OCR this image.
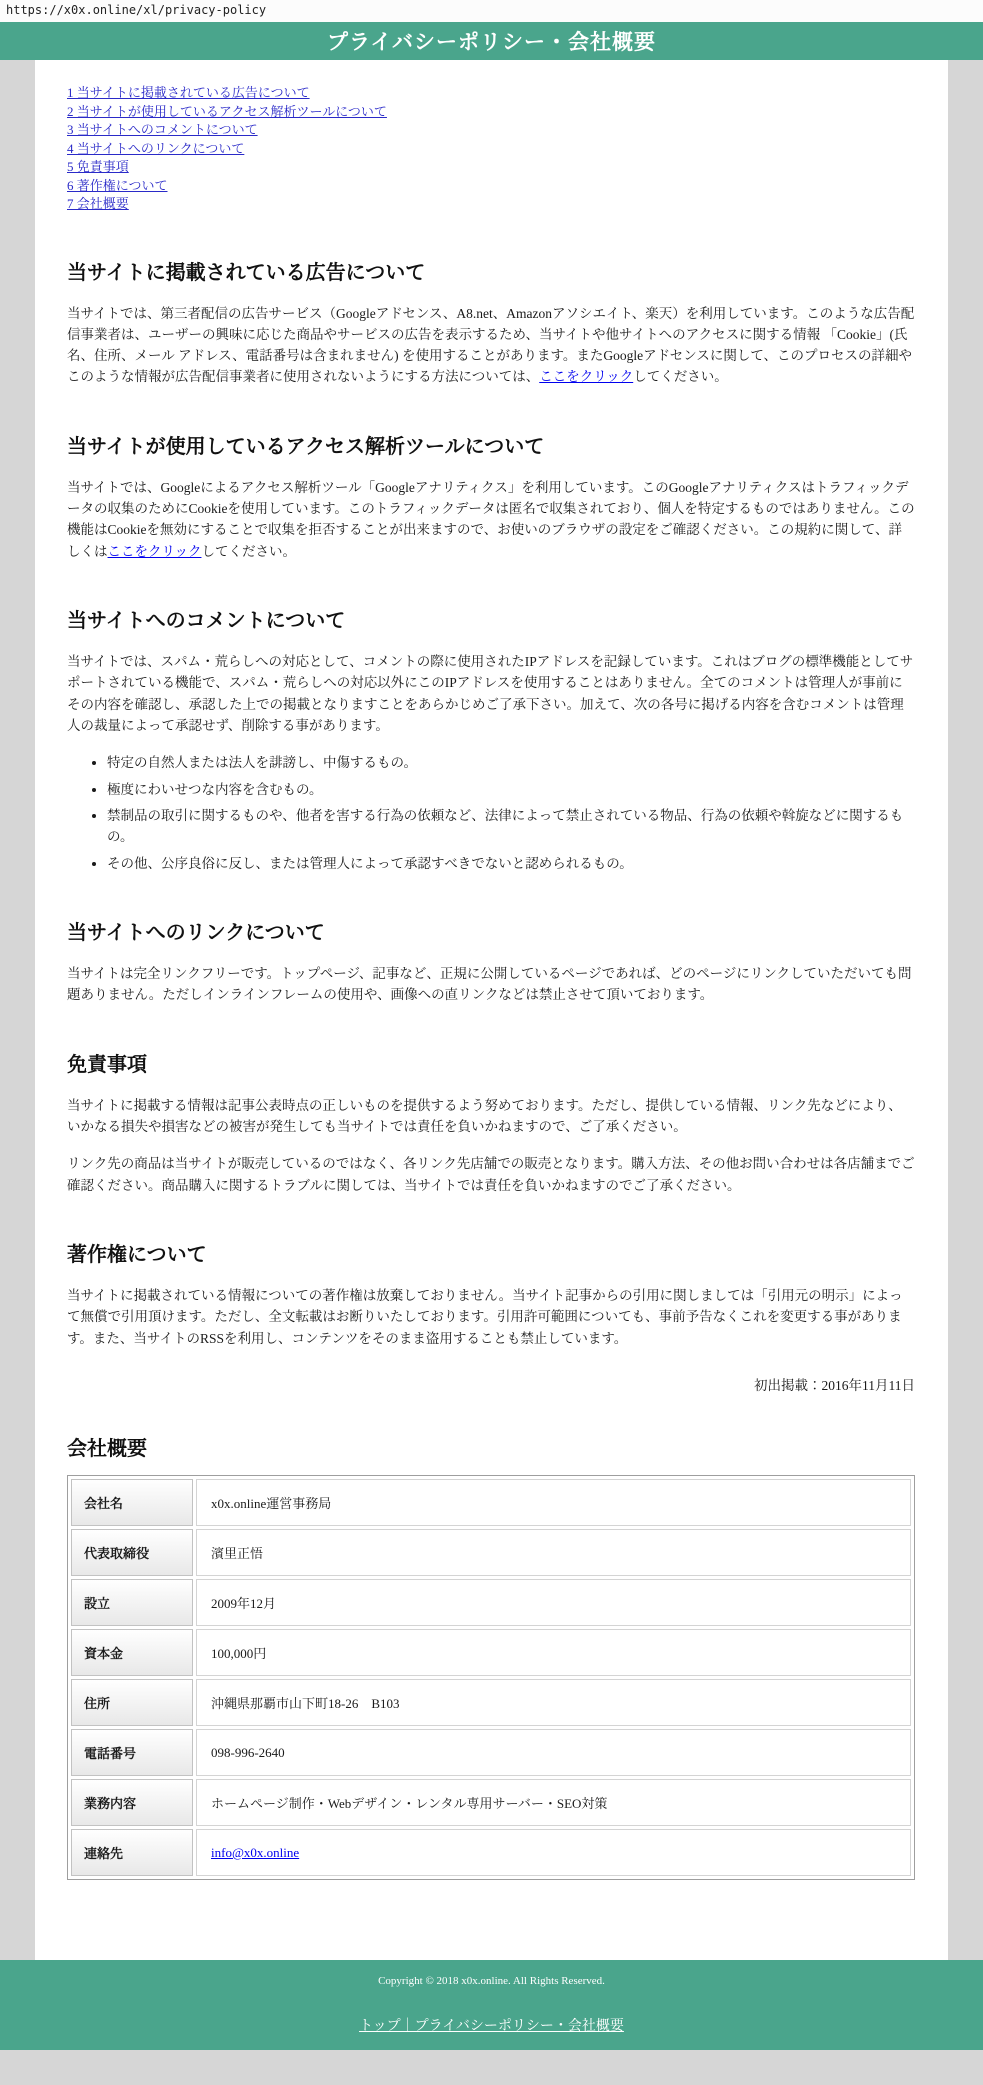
https://x0x.online/xl/privacy-policy
プライバシーポリシー・会社概要
1 当サイトに掲載されている広告について
2 当サイトが使用しているアクセス解析ツールについて
3 当サイトへのコメントについて
4 当サイトへのリンクについて
5 免責事項
6 著作権について
7 会社概要
当サイトに掲載されている広告について

当サイトでは、第三者配信の広告サービス（Googleアドセンス、A8.net、Amazonアソシエイト、楽天）を利用しています。このような広告配信事業者は、ユーザーの興味に応じた商品やサービスの広告を表示するため、当サイトや他サイトへのアクセスに関する情報 「Cookie」(氏名、住所、メール アドレス、電話番号は含まれません) を使用することがあります。またGoogleアドセンスに関して、このプロセスの詳細やこのような情報が広告配信事業者に使用されないようにする方法については、ここをクリックしてください。

当サイトが使用しているアクセス解析ツールについて

当サイトでは、Googleによるアクセス解析ツール「Googleアナリティクス」を利用しています。このGoogleアナリティクスはトラフィックデータの収集のためにCookieを使用しています。このトラフィックデータは匿名で収集されており、個人を特定するものではありません。この機能はCookieを無効にすることで収集を拒否することが出来ますので、お使いのブラウザの設定をご確認ください。この規約に関して、詳しくはここをクリックしてください。

当サイトへのコメントについて

当サイトでは、スパム・荒らしへの対応として、コメントの際に使用されたIPアドレスを記録しています。これはブログの標準機能としてサポートされている機能で、スパム・荒らしへの対応以外にこのIPアドレスを使用することはありません。全てのコメントは管理人が事前にその内容を確認し、承認した上での掲載となりますことをあらかじめご了承下さい。加えて、次の各号に掲げる内容を含むコメントは管理人の裁量によって承認せず、削除する事があります。

• 特定の自然人または法人を誹謗し、中傷するもの。
• 極度にわいせつな内容を含むもの。
• 禁制品の取引に関するものや、他者を害する行為の依頼など、法律によって禁止されている物品、行為の依頼や斡旋などに関するもの。
• その他、公序良俗に反し、または管理人によって承認すべきでないと認められるもの。
当サイトへのリンクについて

当サイトは完全リンクフリーです。トップページ、記事など、正規に公開しているページであれば、どのページにリンクしていただいても問題ありません。ただしインラインフレームの使用や、画像への直リンクなどは禁止させて頂いております。

免責事項

当サイトに掲載する情報は記事公表時点の正しいものを提供するよう努めております。ただし、提供している情報、リンク先などにより、いかなる損失や損害などの被害が発生しても当サイトでは責任を負いかねますので、ご了承ください。

リンク先の商品は当サイトが販売しているのではなく、各リンク先店舗での販売となります。購入方法、その他お問い合わせは各店舗までご確認ください。商品購入に関するトラブルに関しては、当サイトでは責任を負いかねますのでご了承ください。

著作権について

当サイトに掲載されている情報についての著作権は放棄しておりません。当サイト記事からの引用に関しましては「引用元の明示」によって無償で引用頂けます。ただし、全文転載はお断りいたしております。引用許可範囲についても、事前予告なくこれを変更する事があります。また、当サイトのRSSを利用し、コンテンツをそのまま盗用することも禁止しています。

初出掲載：2016年11月11日

会社概要
会社名	x0x.online運営事務局
代表取締役	濱里正悟
設立	2009年12月
資本金	100,000円
住所	沖縄県那覇市山下町18-26　B103
電話番号	098-996-2640
業務内容	ホームページ制作・Webデザイン・レンタル専用サーバー・SEO対策
連絡先	info@x0x.online

Copyright © 2018 x0x.online. All Rights Reserved.

トップ｜プライバシーポリシー・会社概要
